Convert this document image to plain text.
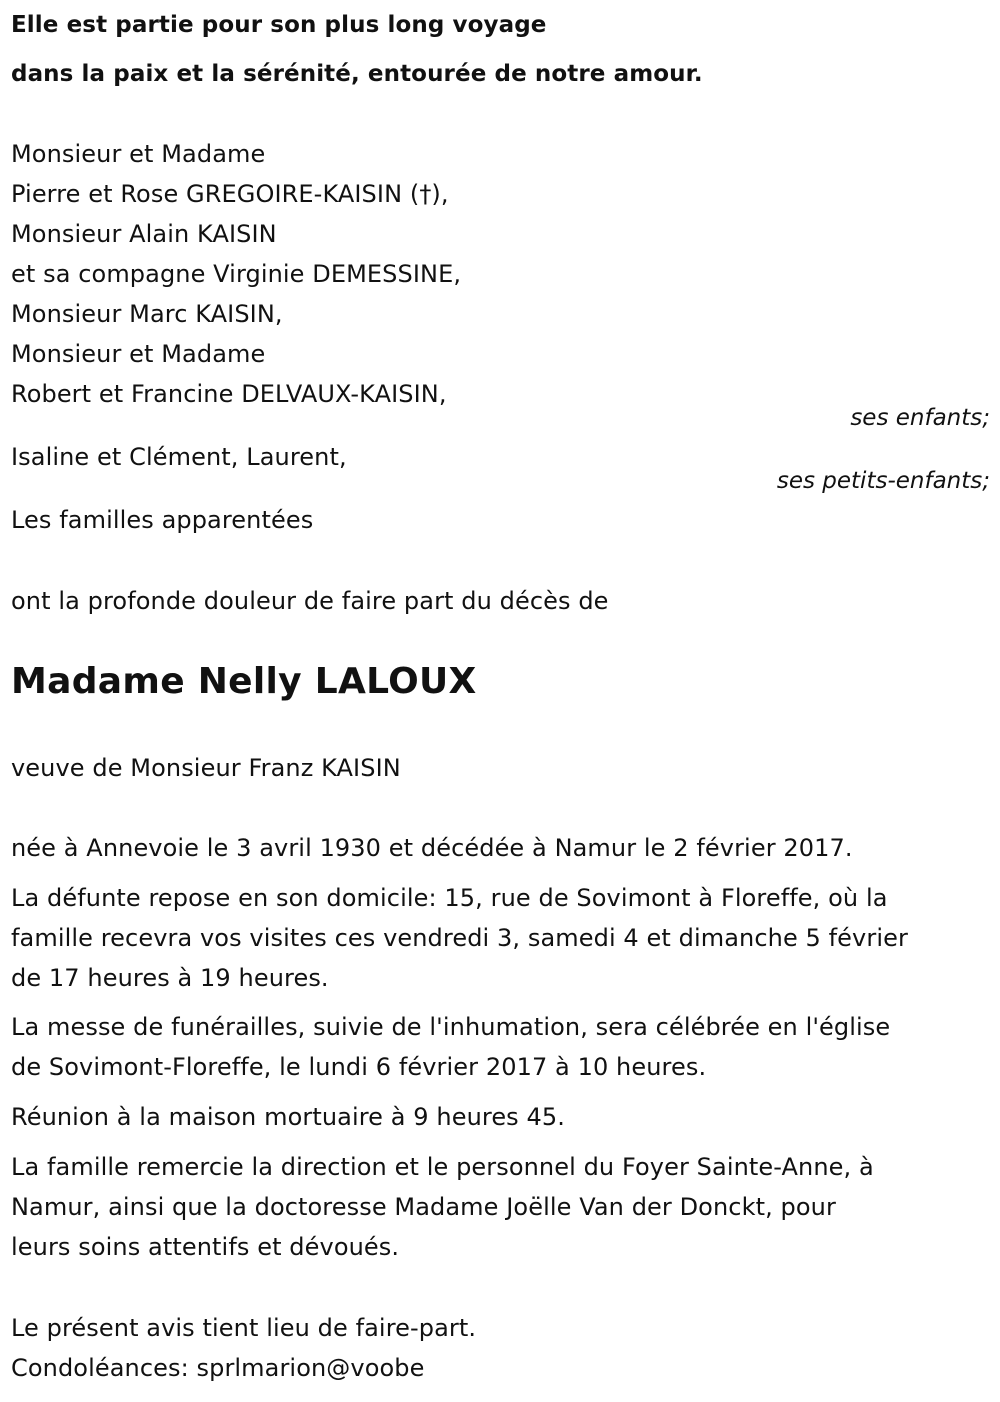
Elle est partie pour son plus long voyage
dans la paix et la sérénité, entourée de notre amour.
Monsieur et Madame
Pierre et Rose GREGOIRE-KAISIN (†),
Monsieur Alain KAISIN
et sa compagne Virginie DEMESSINE,
Monsieur Marc KAISIN,
Monsieur et Madame
Robert et Francine DELVAUX-KAISIN,
ses enfants;
Isaline et Clément, Laurent,
ses petits-enfants;
Les familles apparentées
ont la profonde douleur de faire part du décès de
Madame Nelly LALOUX
veuve de Monsieur Franz KAISIN
née à Annevoie le 3 avril 1930 et décédée à Namur le 2 février 2017.
La défunte repose en son domicile: 15, rue de Sovimont à Floreffe, où la
famille recevra vos visites ces vendredi 3, samedi 4 et dimanche 5 février
de 17 heures à 19 heures.
La messe de funérailles, suivie de l'inhumation, sera célébrée en l'église
de Sovimont-Floreffe, le lundi 6 février 2017 à 10 heures.
Réunion à la maison mortuaire à 9 heures 45.
La famille remercie la direction et le personnel du Foyer Sainte-Anne, à
Namur, ainsi que la doctoresse Madame Joëlle Van der Donckt, pour
leurs soins attentifs et dévoués.
Le présent avis tient lieu de faire-part.
Condoléances: sprlmarion@voobe
